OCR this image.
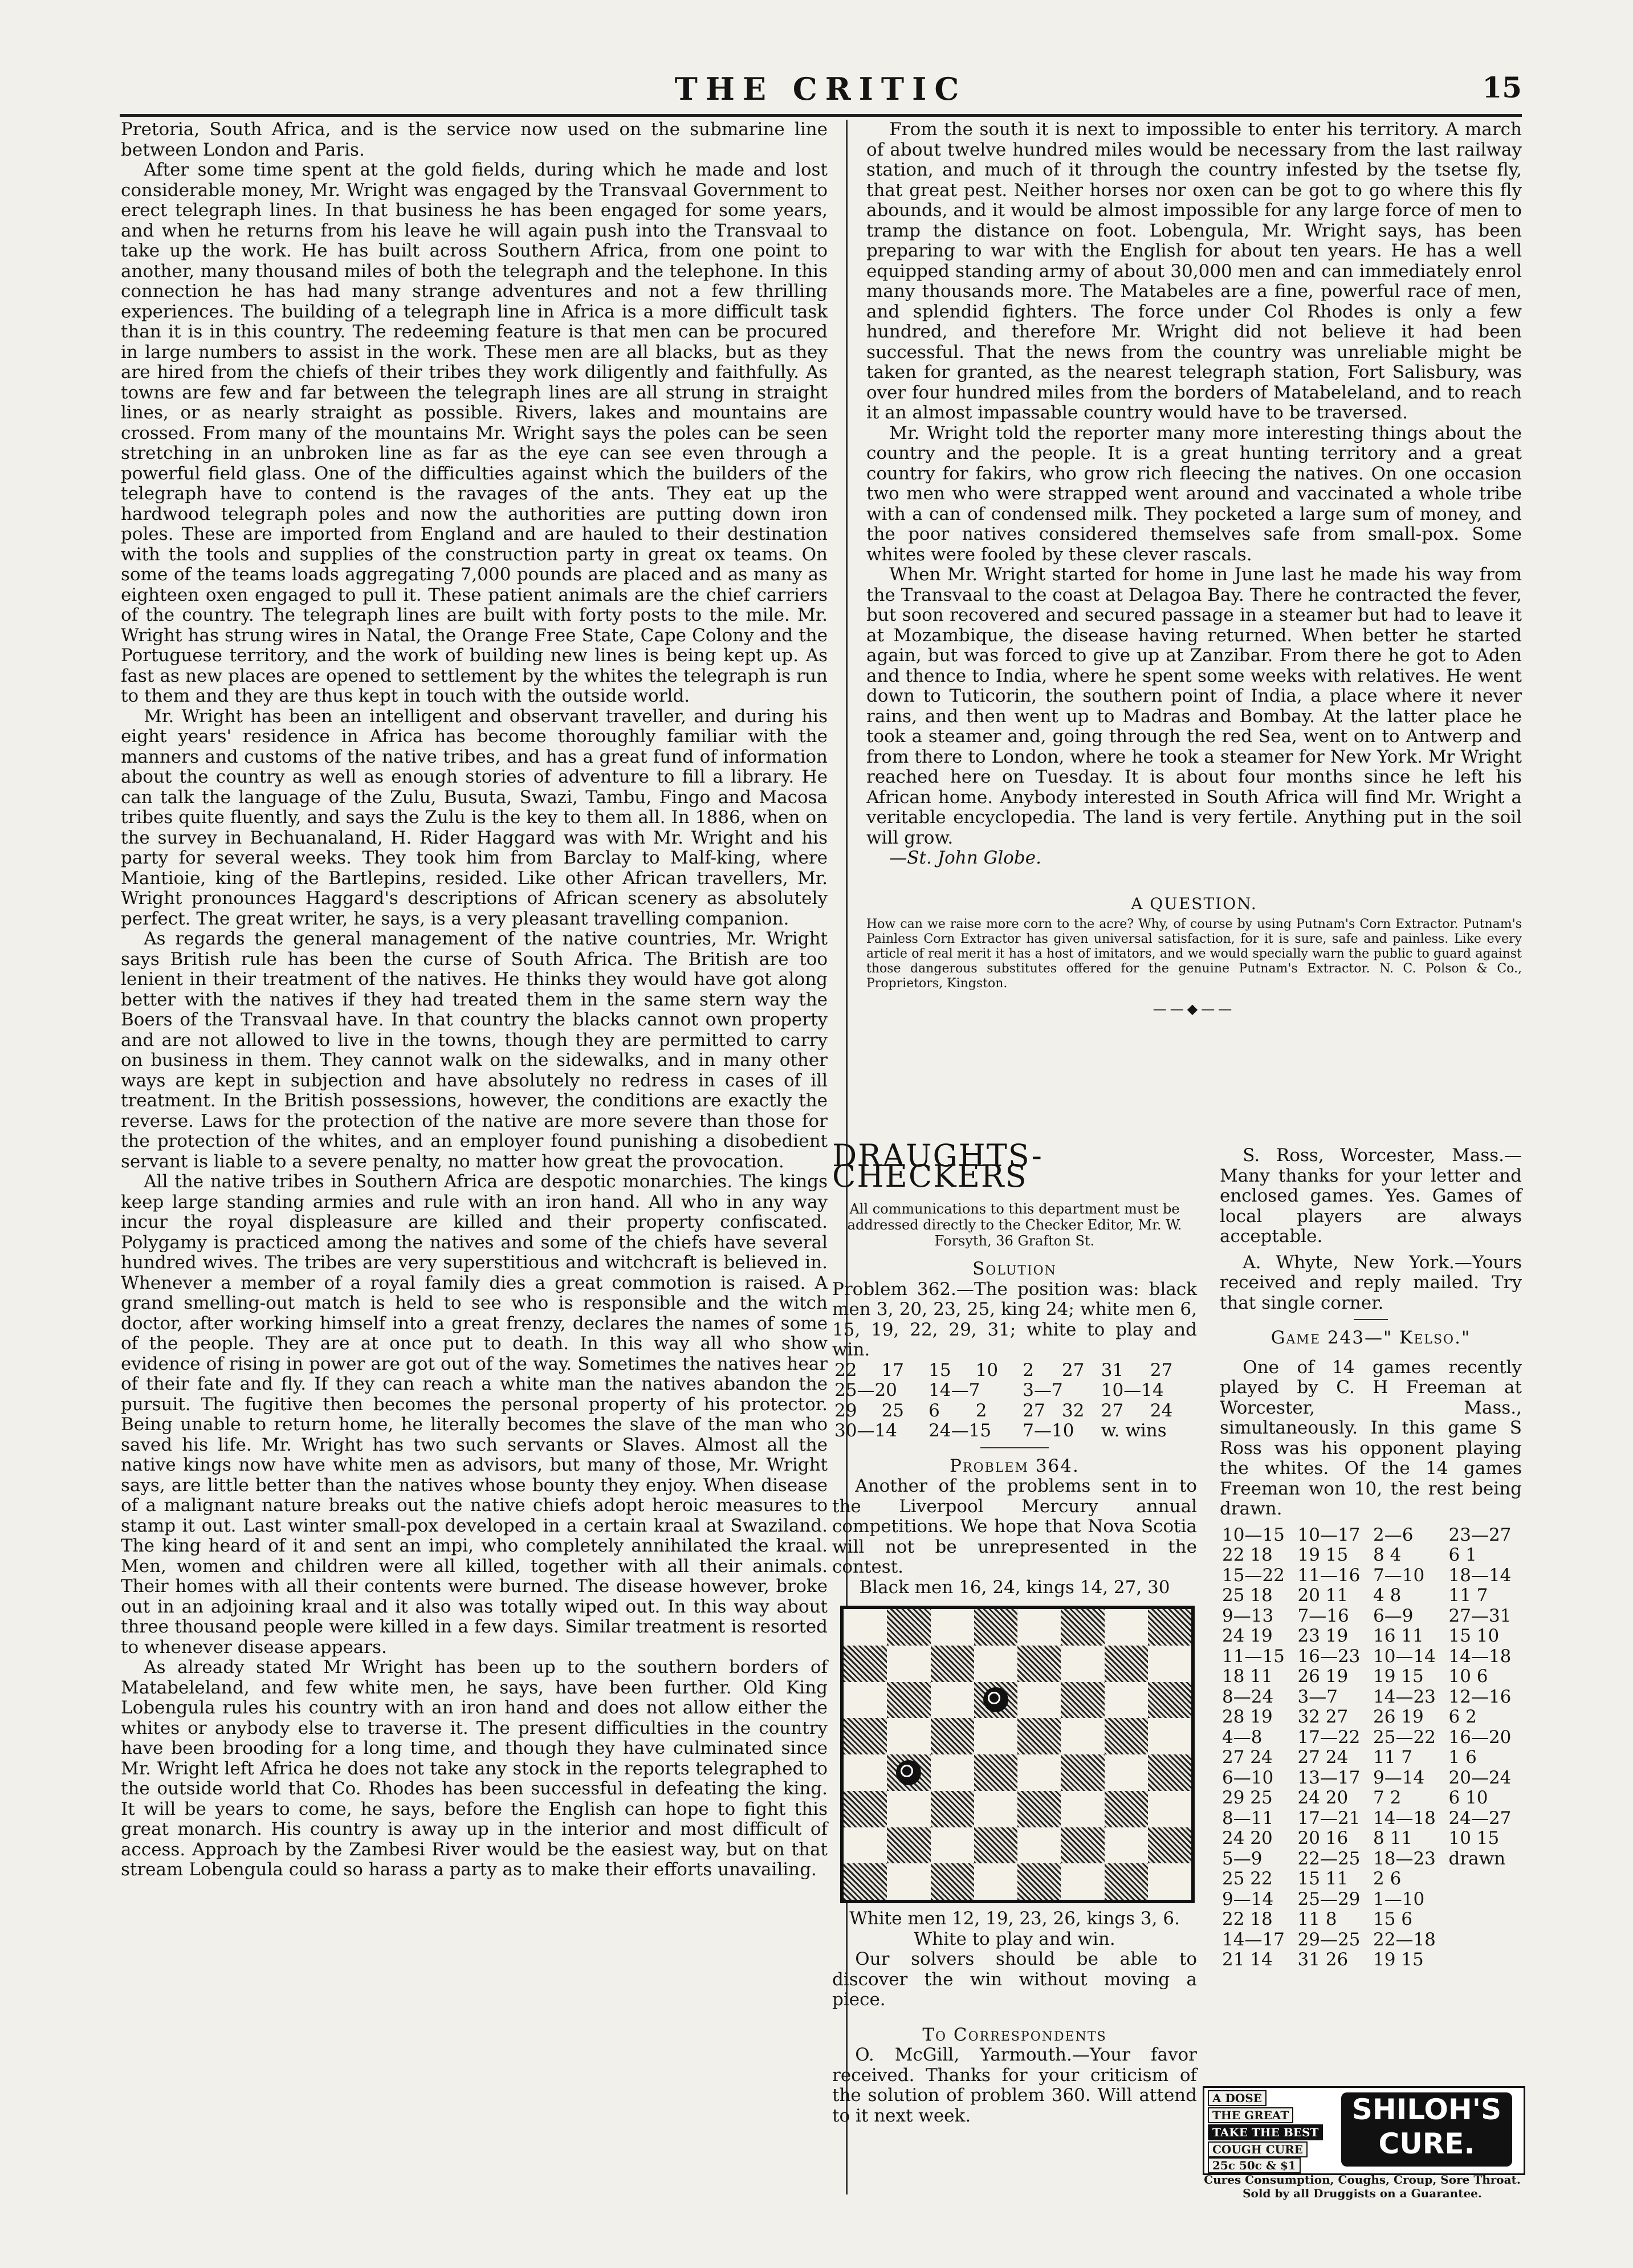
THE CRITIC	15

Pretoria, South Africa, and is the service now used on the submarine line between London and Paris.

After some time spent at the gold fields, during which he made and lost considerable money, Mr. Wright was engaged by the Transvaal Government to erect telegraph lines. In that business he has been engaged for some years, and when he returns from his leave he will again push into the Transvaal to take up the work. He has built across Southern Africa, from one point to another, many thousand miles of both the telegraph and the telephone. In this connection he has had many strange adventures and not a few thrilling experiences. The building of a telegraph line in Africa is a more difficult task than it is in this country. The redeeming feature is that men can be procured in large numbers to assist in the work. These men are all blacks, but as they are hired from the chiefs of their tribes they work diligently and faithfully. As towns are few and far between the telegraph lines are all strung in straight lines, or as nearly straight as possible. Rivers, lakes and mountains are crossed. From many of the mountains Mr. Wright says the poles can be seen stretching in an unbroken line as far as the eye can see even through a powerful field glass. One of the difficulties against which the builders of the telegraph have to contend is the ravages of the ants. They eat up the hardwood telegraph poles and now the authorities are putting down iron poles. These are imported from England and are hauled to their destination with the tools and supplies of the construction party in great ox teams. On some of the teams loads aggregating 7,000 pounds are placed and as many as eighteen oxen engaged to pull it. These patient animals are the chief carriers of the country. The telegraph lines are built with forty posts to the mile. Mr. Wright has strung wires in Natal, the Orange Free State, Cape Colony and the Portuguese territory, and the work of building new lines is being kept up. As fast as new places are opened to settlement by the whites the telegraph is run to them and they are thus kept in touch with the outside world.

Mr. Wright has been an intelligent and observant traveller, and during his eight years' residence in Africa has become thoroughly familiar with the manners and customs of the native tribes, and has a great fund of information about the country as well as enough stories of adventure to fill a library. He can talk the language of the Zulu, Busuta, Swazi, Tambu, Fingo and Macosa tribes quite fluently, and says the Zulu is the key to them all. In 1886, when on the survey in Bechuanaland, H. Rider Haggard was with Mr. Wright and his party for several weeks. They took him from Barclay to Malf-king, where Mantioie, king of the Bartlepins, resided. Like other African travellers, Mr. Wright pronounces Haggard's descriptions of African scenery as absolutely perfect. The great writer, he says, is a very pleasant travelling companion.

As regards the general management of the native countries, Mr. Wright says British rule has been the curse of South Africa. The British are too lenient in their treatment of the natives. He thinks they would have got along better with the natives if they had treated them in the same stern way the Boers of the Transvaal have. In that country the blacks cannot own property and are not allowed to live in the towns, though they are permitted to carry on business in them. They cannot walk on the sidewalks, and in many other ways are kept in subjection and have absolutely no redress in cases of ill treatment. In the British possessions, however, the conditions are exactly the reverse. Laws for the protection of the native are more severe than those for the protection of the whites, and an employer found punishing a disobedient servant is liable to a severe penalty, no matter how great the provocation.

All the native tribes in Southern Africa are despotic monarchies. The kings keep large standing armies and rule with an iron hand. All who in any way incur the royal displeasure are killed and their property confiscated. Polygamy is practiced among the natives and some of the chiefs have several hundred wives. The tribes are very superstitious and witchcraft is believed in. Whenever a member of a royal family dies a great commotion is raised. A grand smelling-out match is held to see who is responsible and the witch doctor, after working himself into a great frenzy, declares the names of some of the people. They are at once put to death. In this way all who show evidence of rising in power are got out of the way. Sometimes the natives hear of their fate and fly. If they can reach a white man the natives abandon the pursuit. The fugitive then becomes the personal property of his protector. Being unable to return home, he literally becomes the slave of the man who saved his life. Mr. Wright has two such servants or Slaves. Almost all the native kings now have white men as advisors, but many of those, Mr. Wright says, are little better than the natives whose bounty they enjoy. When disease of a malignant nature breaks out the native chiefs adopt heroic measures to stamp it out. Last winter small-pox developed in a certain kraal at Swaziland. The king heard of it and sent an impi, who completely annihilated the kraal. Men, women and children were all killed, together with all their animals. Their homes with all their contents were burned. The disease however, broke out in an adjoining kraal and it also was totally wiped out. In this way about three thousand people were killed in a few days. Similar treatment is resorted to whenever disease appears.

As already stated Mr Wright has been up to the southern borders of Matabeleland, and few white men, he says, have been further. Old King Lobengula rules his country with an iron hand and does not allow either the whites or anybody else to traverse it. The present difficulties in the country have been brooding for a long time, and though they have culminated since Mr. Wright left Africa he does not take any stock in the reports telegraphed to the outside world that Co. Rhodes has been successful in defeating the king. It will be years to come, he says, before the English can hope to fight this great monarch. His country is away up in the interior and most difficult of access. Approach by the Zambesi River would be the easiest way, but on that stream Lobengula could so harass a party as to make their efforts unavailing.

From the south it is next to impossible to enter his territory. A march of about twelve hundred miles would be necessary from the last railway station, and much of it through the country infested by the tsetse fly, that great pest. Neither horses nor oxen can be got to go where this fly abounds, and it would be almost impossible for any large force of men to tramp the distance on foot. Lobengula, Mr. Wright says, has been preparing to war with the English for about ten years. He has a well equipped standing army of about 30,000 men and can immediately enrol many thousands more. The Matabeles are a fine, powerful race of men, and splendid fighters. The force under Col Rhodes is only a few hundred, and therefore Mr. Wright did not believe it had been successful. That the news from the country was unreliable might be taken for granted, as the nearest telegraph station, Fort Salisbury, was over four hundred miles from the borders of Matabeleland, and to reach it an almost impassable country would have to be traversed.

Mr. Wright told the reporter many more interesting things about the country and the people. It is a great hunting territory and a great country for fakirs, who grow rich fleecing the natives. On one occasion two men who were strapped went around and vaccinated a whole tribe with a can of condensed milk. They pocketed a large sum of money, and the poor natives considered themselves safe from small-pox. Some whites were fooled by these clever rascals.

When Mr. Wright started for home in June last he made his way from the Transvaal to the coast at Delagoa Bay. There he contracted the fever, but soon recovered and secured passage in a steamer but had to leave it at Mozambique, the disease having returned. When better he started again, but was forced to give up at Zanzibar. From there he got to Aden and thence to India, where he spent some weeks with relatives. He went down to Tuticorin, the southern point of India, a place where it never rains, and then went up to Madras and Bombay. At the latter place he took a steamer and, going through the red Sea, went on to Antwerp and from there to London, where he took a steamer for New York. Mr Wright reached here on Tuesday. It is about four months since he left his African home. Anybody interested in South Africa will find Mr. Wright a veritable encyclopedia. The land is very fertile. Anything put in the soil will grow.

—St. John Globe.

A QUESTION.
How can we raise more corn to the acre? Why, of course by using Putnam's Corn Extractor. Putnam's Painless Corn Extractor has given universal satisfaction, for it is sure, safe and painless. Like every article of real merit it has a host of imitators, and we would specially warn the public to guard against those dangerous substitutes offered for the genuine Putnam's Extractor. N. C. Polson & Co., Proprietors, Kingston.
——◆——
DRAUGHTS-CHECKERS
All communications to this department must be addressed directly to the Checker Editor, Mr. W. Forsyth, 36 Grafton St.
Solution
Problem 362.—The position was: black men 3, 20, 23, 25, king 24; white men 6, 15, 19, 22, 29, 31; white to play and win.
22	17	15	10	2	27	31	27
25—20		14—7		3—7		10—14	
29	25	6	2	27	32	27	24
30—14		24—15		7—10		w. wins	
Problem 364.
Another of the problems sent in to the Liverpool Mercury annual competitions. We hope that Nova Scotia will not be unrepresented in the contest.
Black men 16, 24, kings 14, 27, 30
White men 12, 19, 23, 26, kings 3, 6.
White to play and win.
Our solvers should be able to discover the win without moving a piece.
To Correspondents
O. McGill, Yarmouth.—Your favor received. Thanks for your criticism of the solution of problem 360. Will attend to it next week.
S. Ross, Worcester, Mass.—Many thanks for your letter and enclosed games. Yes. Games of local players are always acceptable.
A. Whyte, New York.—Yours received and reply mailed. Try that single corner.
Game 243—" Kelso."
One of 14 games recently played by C. H Freeman at Worcester, Mass., simultaneously. In this game S Ross was his opponent playing the whites. Of the 14 games Freeman won 10, the rest being drawn.
10—15	10—17	2—6	23—27
22 18	19 15	8 4	6 1
15—22	11—16	7—10	18—14
25 18	20 11	4 8	11 7
9—13	7—16	6—9	27—31
24 19	23 19	16 11	15 10
11—15	16—23	10—14	14—18
18 11	26 19	19 15	10 6
8—24	3—7	14—23	12—16
28 19	32 27	26 19	6 2
4—8	17—22	25—22	16—20
27 24	27 24	11 7	1 6
6—10	13—17	9—14	20—24
29 25	24 20	7 2	6 10
8—11	17—21	14—18	24—27
24 20	20 16	8 11	10 15
5—9	22—25	18—23	drawn
25 22	15 11	2 6	
9—14	25—29	1—10	
22 18	11 8	15 6	
14—17	29—25	22—18	
21 14	31 26	19 15	
A DOSE
THE GREAT
TAKE THE BEST
COUGH CURE
25c 50c & $1
SHILOH'S CURE.
Cures Consumption, Coughs, Croup, Sore Throat. Sold by all Druggists on a Guarantee.
